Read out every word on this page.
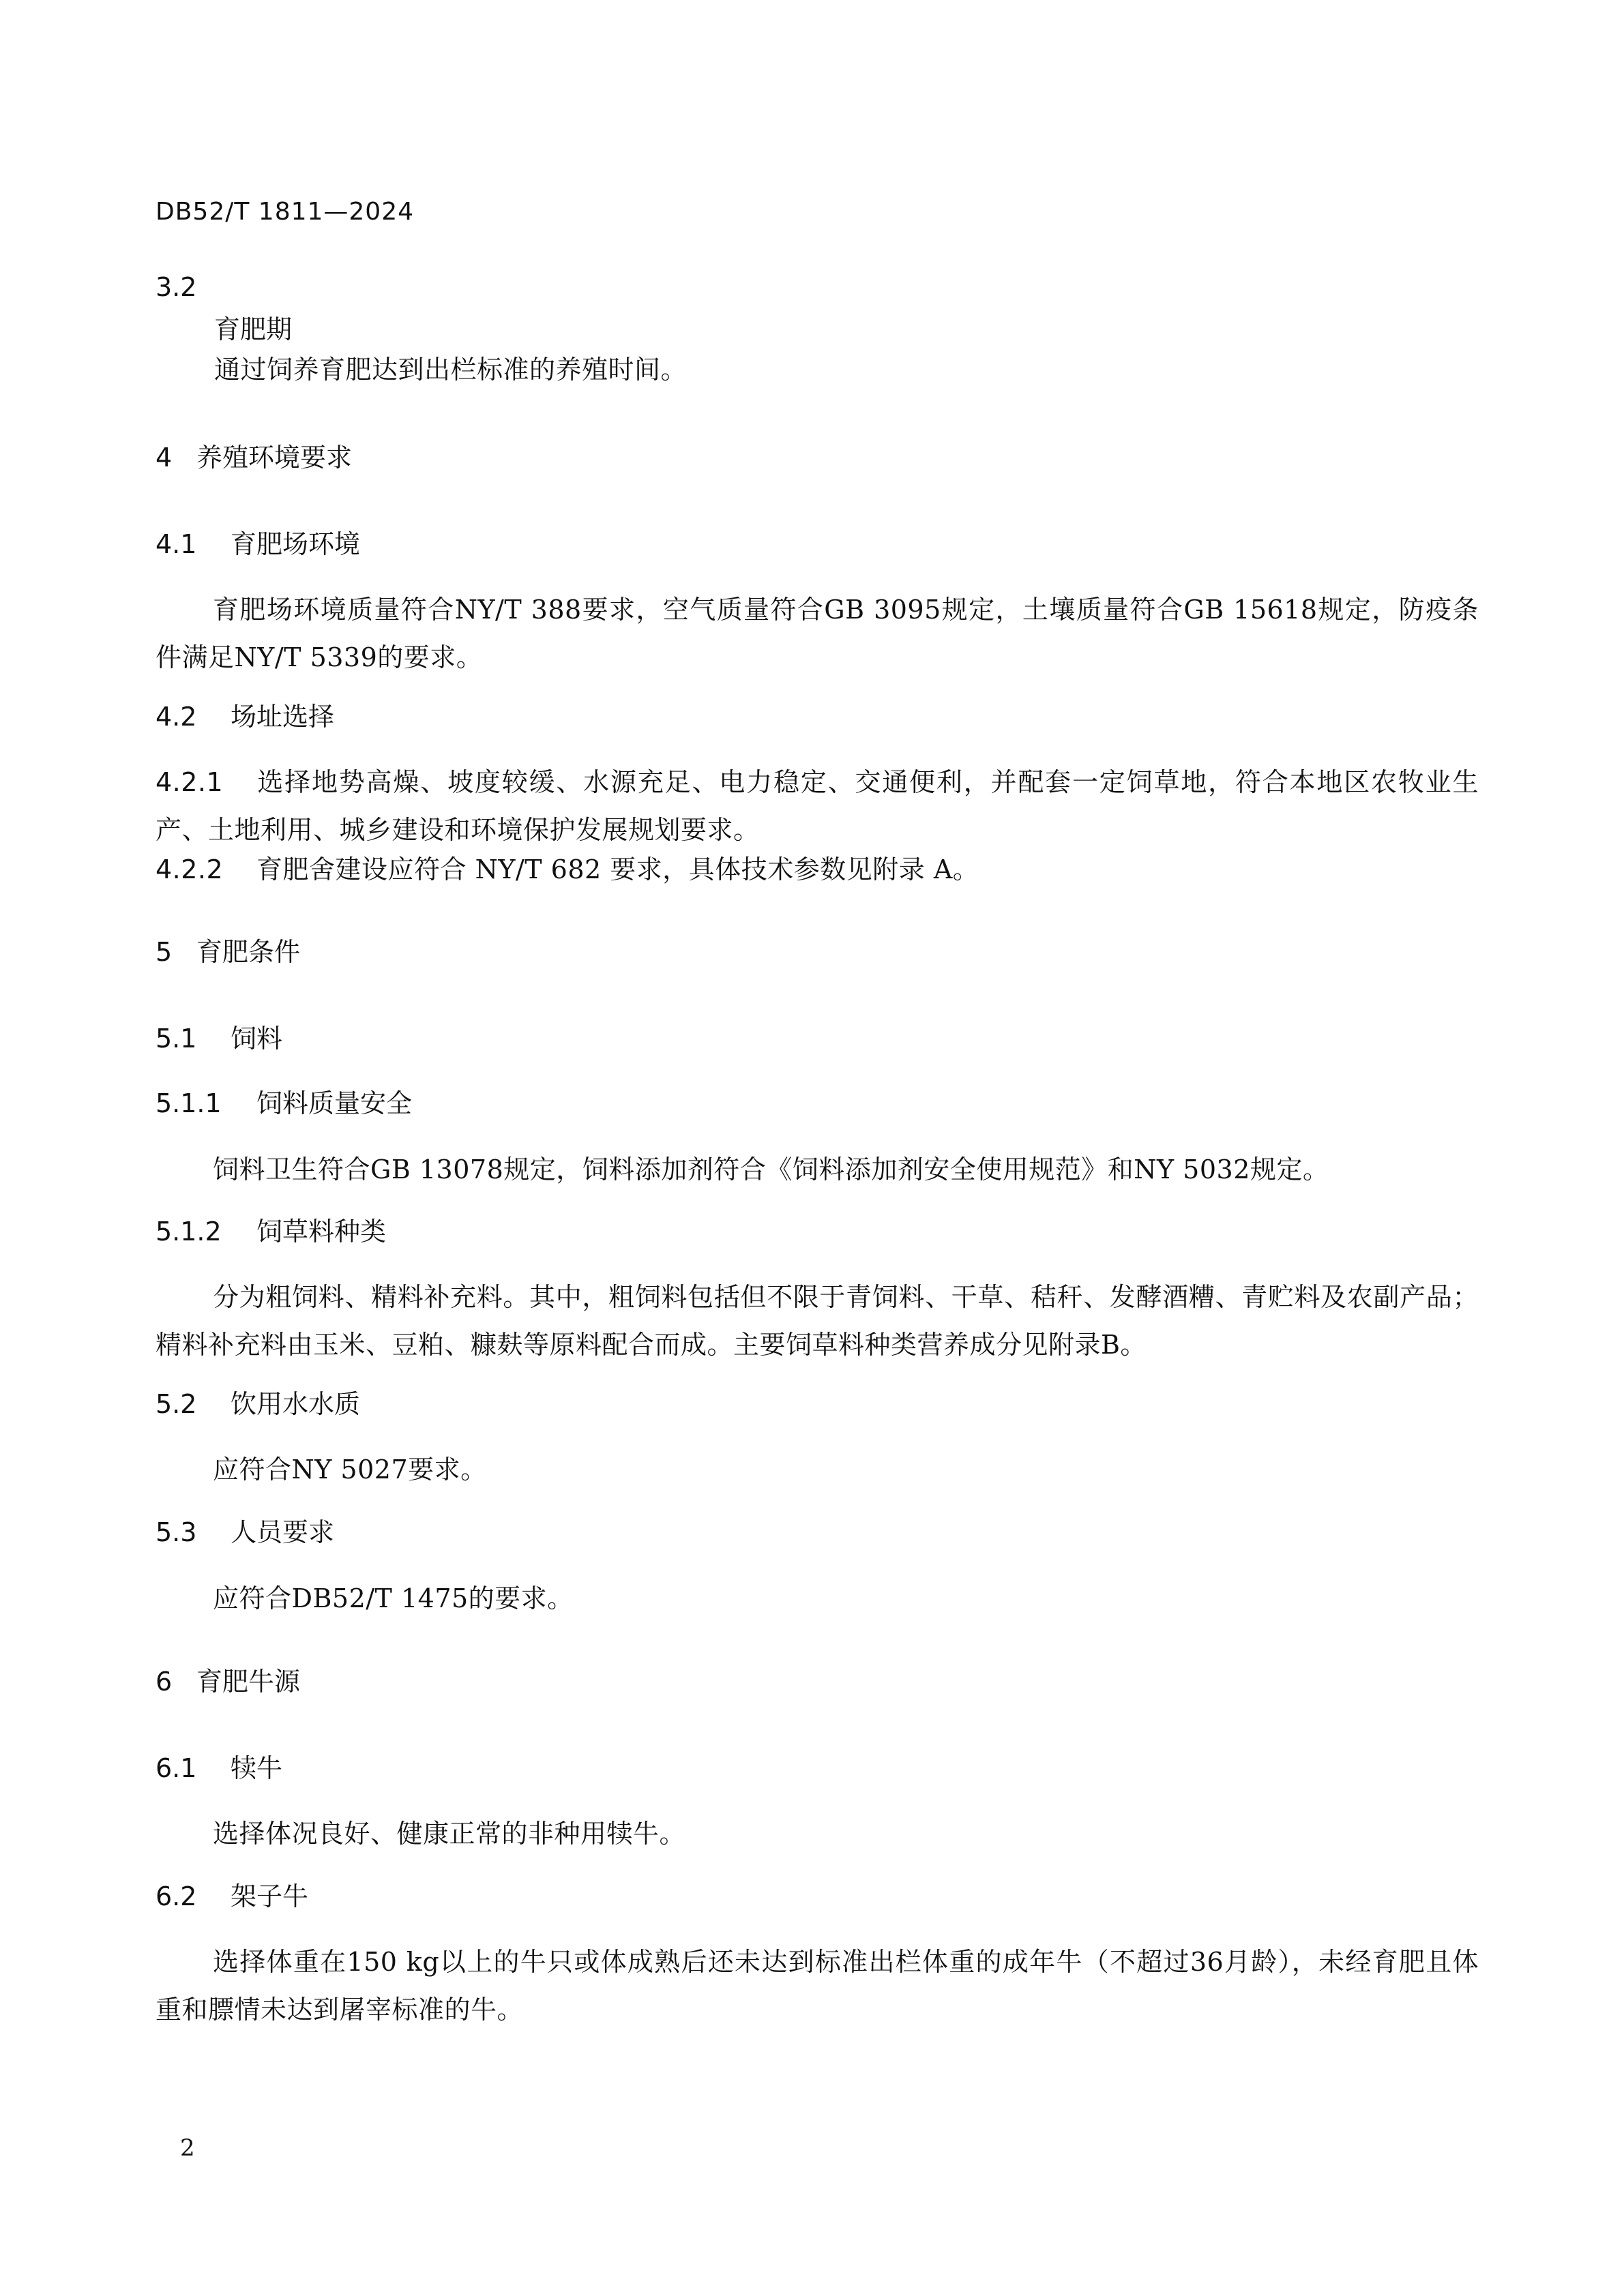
DB52/T 1811—2024
3.2
育肥期
通过饲养育肥达到出栏标准的养殖时间。
4 养殖环境要求
4.1 育肥场环境
育肥场环境质量符合NY/T 388要求，空气质量符合GB 3095规定，土壤质量符合GB 15618规定，防疫条件满足NY/T 5339的要求。
4.2 场址选择
4.2.1 选择地势高燥、坡度较缓、水源充足、电力稳定、交通便利，并配套一定饲草地，符合本地区农牧业生产、土地利用、城乡建设和环境保护发展规划要求。
4.2.2 育肥舍建设应符合 NY/T 682 要求，具体技术参数见附录 A。
5 育肥条件
5.1 饲料
5.1.1 饲料质量安全
饲料卫生符合GB 13078规定，饲料添加剂符合《饲料添加剂安全使用规范》和NY 5032规定。
5.1.2 饲草料种类
分为粗饲料、精料补充料。其中，粗饲料包括但不限于青饲料、干草、秸秆、发酵酒糟、青贮料及农副产品；精料补充料由玉米、豆粕、糠麸等原料配合而成。主要饲草料种类营养成分见附录B。
5.2 饮用水水质
应符合NY 5027要求。
5.3 人员要求
应符合DB52/T 1475的要求。
6 育肥牛源
6.1 犊牛
选择体况良好、健康正常的非种用犊牛。
6.2 架子牛
选择体重在150 kg以上的牛只或体成熟后还未达到标准出栏体重的成年牛（不超过36月龄），未经育肥且体重和膘情未达到屠宰标准的牛。
2
